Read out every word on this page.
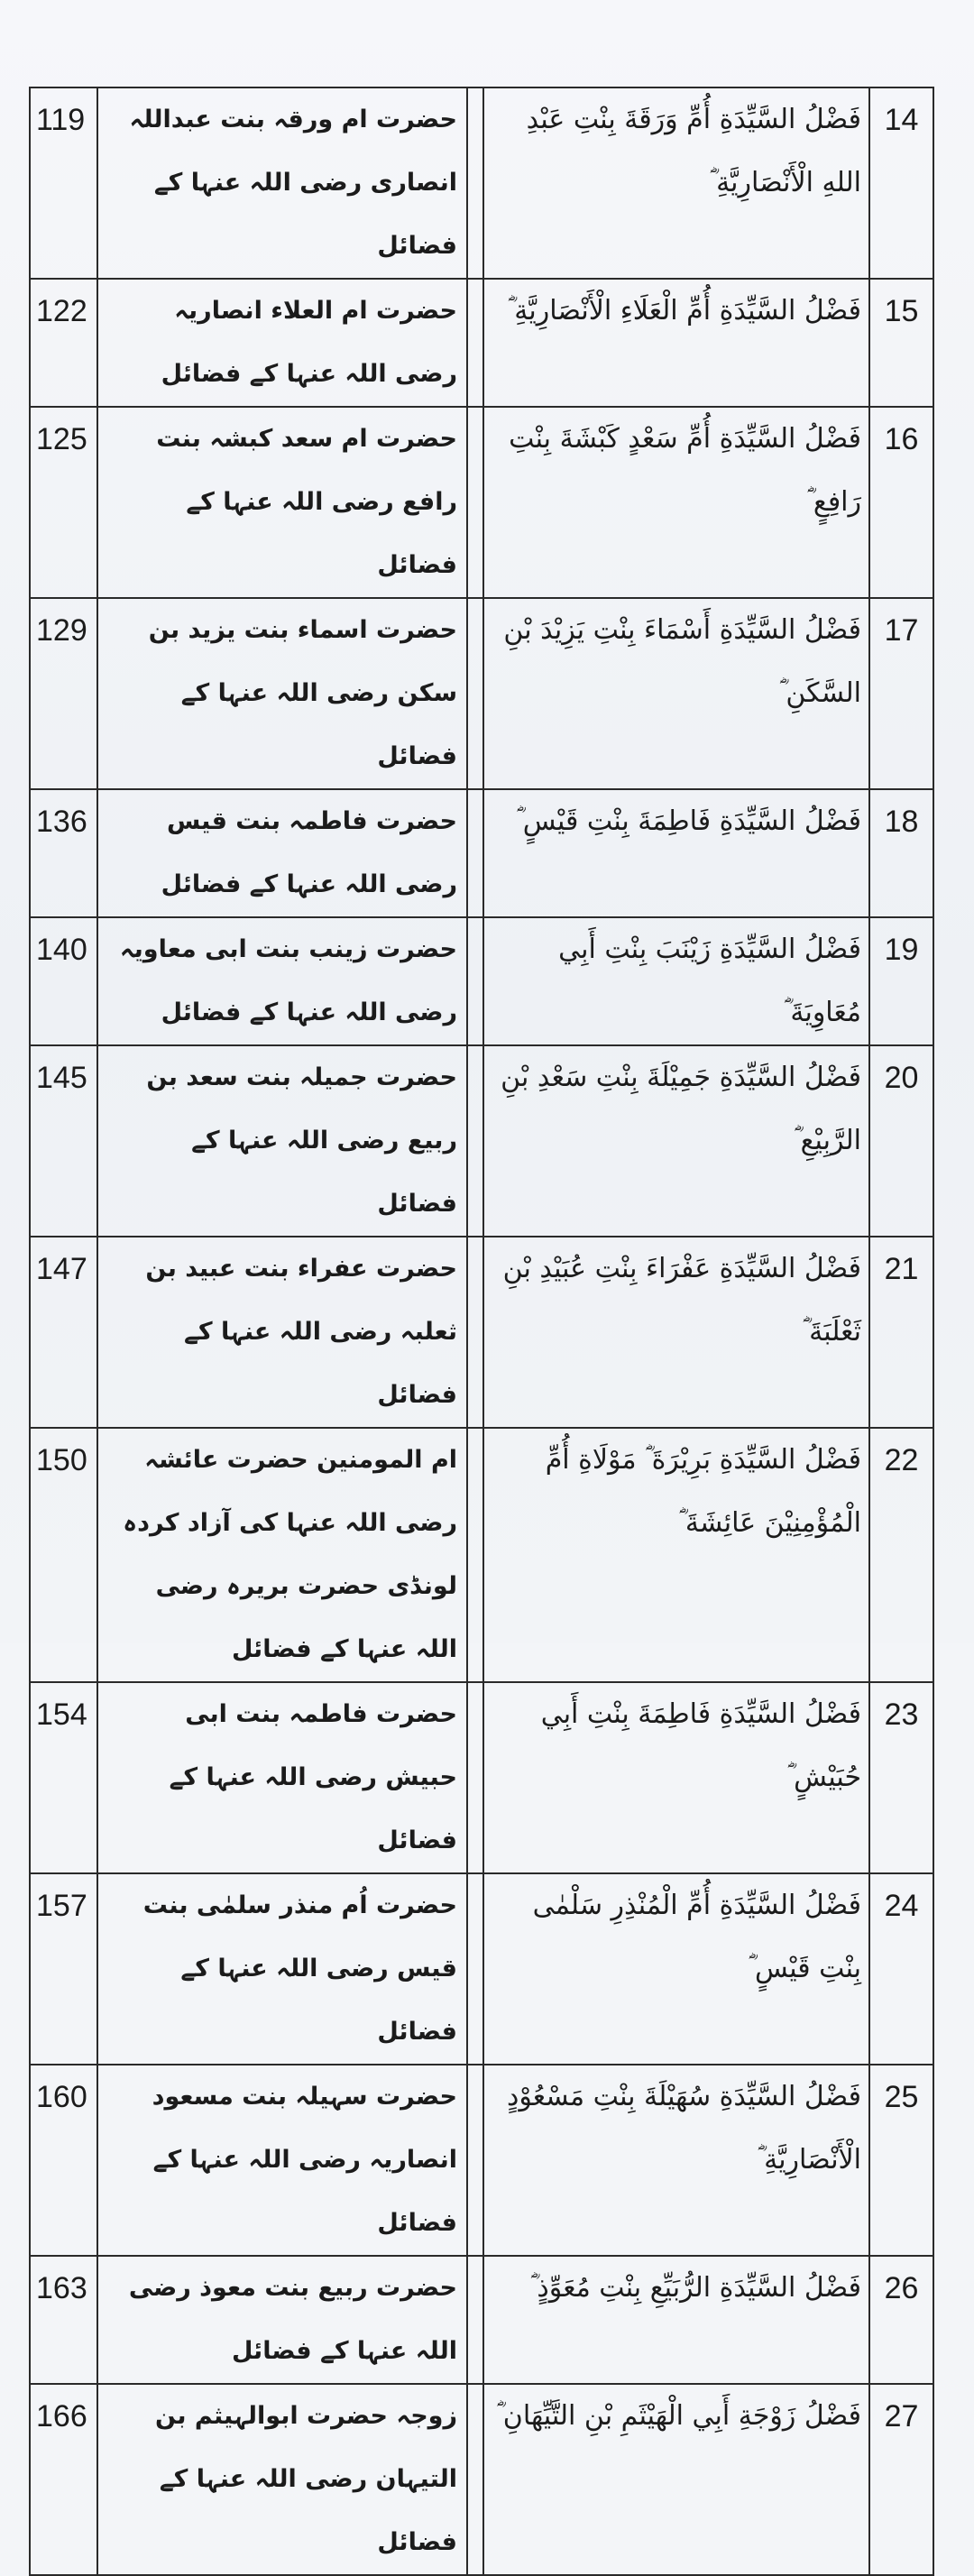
119	حضرت ام ورقہ بنت عبداللہ انصاری رضی اللہ عنہا کے فضائل		فَضْلُ السَّيِّدَةِ أُمِّ وَرَقَةَ بِنْتِ عَبْدِ اللهِ الْأَنْصَارِيَّةِ ؓ	14
122	حضرت ام العلاء انصاریہ رضی اللہ عنہا کے فضائل		فَضْلُ السَّيِّدَةِ أُمِّ الْعَلَاءِ الْأَنْصَارِيَّةِ ؓ	15
125	حضرت ام سعد کبشہ بنت رافع رضی اللہ عنہا کے فضائل		فَضْلُ السَّيِّدَةِ أُمِّ سَعْدٍ كَبْشَةَ بِنْتِ رَافِعٍ ؓ	16
129	حضرت اسماء بنت یزید بن سکن رضی اللہ عنہا کے فضائل		فَضْلُ السَّيِّدَةِ أَسْمَاءَ بِنْتِ يَزِيْدَ بْنِ السَّكَنِ ؓ	17
136	حضرت فاطمہ بنت قیس رضی اللہ عنہا کے فضائل		فَضْلُ السَّيِّدَةِ فَاطِمَةَ بِنْتِ قَيْسٍ ؓ	18
140	حضرت زینب بنت ابی معاویہ رضی اللہ عنہا کے فضائل		فَضْلُ السَّيِّدَةِ زَيْنَبَ بِنْتِ أَبِي مُعَاوِيَةَ ؓ	19
145	حضرت جمیلہ بنت سعد بن ربیع رضی اللہ عنہا کے فضائل		فَضْلُ السَّيِّدَةِ جَمِيْلَةَ بِنْتِ سَعْدِ بْنِ الرَّبِيْعِ ؓ	20
147	حضرت عفراء بنت عبید بن ثعلبہ رضی اللہ عنہا کے فضائل		فَضْلُ السَّيِّدَةِ عَفْرَاءَ بِنْتِ عُبَيْدِ بْنِ ثَعْلَبَةَ ؓ	21
150	ام المومنین حضرت عائشہ رضی اللہ عنہا کی آزاد کردہ لونڈی حضرت بریرہ رضی اللہ عنہا کے فضائل		فَضْلُ السَّيِّدَةِ بَرِيْرَةَ ؓ مَوْلَاةِ أُمِّ الْمُؤْمِنِيْنَ عَائِشَةَ ؓ	22
154	حضرت فاطمہ بنت ابی حبیش رضی اللہ عنہا کے فضائل		فَضْلُ السَّيِّدَةِ فَاطِمَةَ بِنْتِ أَبِي حُبَيْشٍ ؓ	23
157	حضرت اُم منذر سلمٰی بنت قیس رضی اللہ عنہا کے فضائل		فَضْلُ السَّيِّدَةِ أُمِّ الْمُنْذِرِ سَلْمٰى بِنْتِ قَيْسٍ ؓ	24
160	حضرت سہیلہ بنت مسعود انصاریہ رضی اللہ عنہا کے فضائل		فَضْلُ السَّيِّدَةِ سُهَيْلَةَ بِنْتِ مَسْعُوْدٍ الْأَنْصَارِيَّةِ ؓ	25
163	حضرت ربیع بنت معوذ رضی اللہ عنہا کے فضائل		فَضْلُ السَّيِّدَةِ الرُّبَيِّعِ بِنْتِ مُعَوِّذٍ ؓ	26
166	زوجہ حضرت ابوالہیثم بن التیہان رضی اللہ عنہا کے فضائل		فَضْلُ زَوْجَةِ أَبِي الْهَيْثَمِ بْنِ التَّيِّهَانِ ؓ	27
